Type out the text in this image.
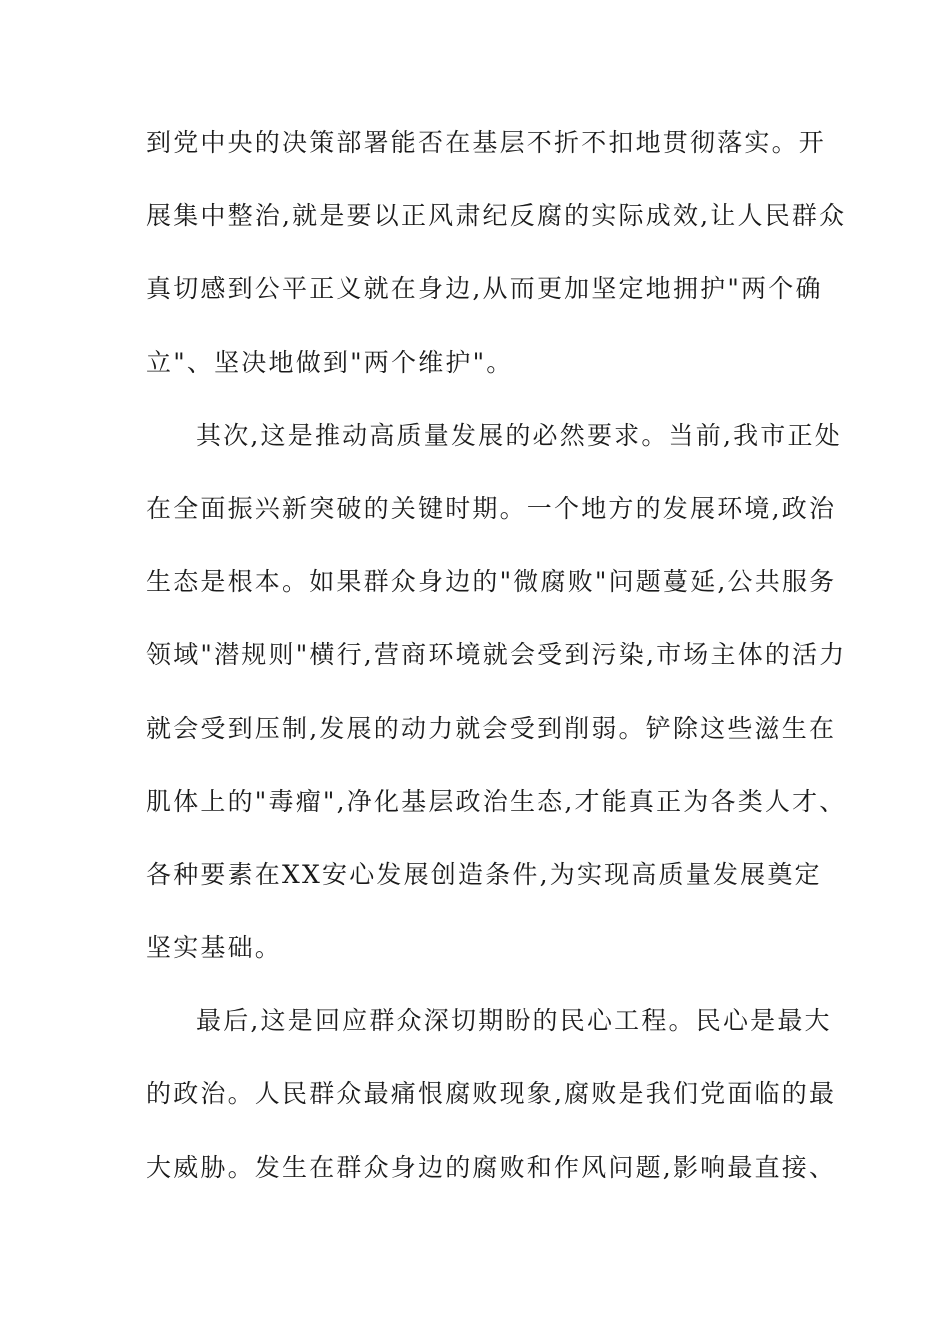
到党中央的决策部署能否在基层不折不扣地贯彻落实。开
展集中整治,就是要以正风肃纪反腐的实际成效,让人民群众
真切感到公平正义就在身边,从而更加坚定地拥护"两个确
立"、坚决地做到"两个维护"。
其次,这是推动高质量发展的必然要求。当前,我市正处
在全面振兴新突破的关键时期。一个地方的发展环境,政治
生态是根本。如果群众身边的"微腐败"问题蔓延,公共服务
领域"潜规则"横行,营商环境就会受到污染,市场主体的活力
就会受到压制,发展的动力就会受到削弱。铲除这些滋生在
肌体上的"毒瘤",净化基层政治生态,才能真正为各类人才、
各种要素在XX安心发展创造条件,为实现高质量发展奠定
坚实基础。
最后,这是回应群众深切期盼的民心工程。民心是最大
的政治。人民群众最痛恨腐败现象,腐败是我们党面临的最
大威胁。发生在群众身边的腐败和作风问题,影响最直接、
